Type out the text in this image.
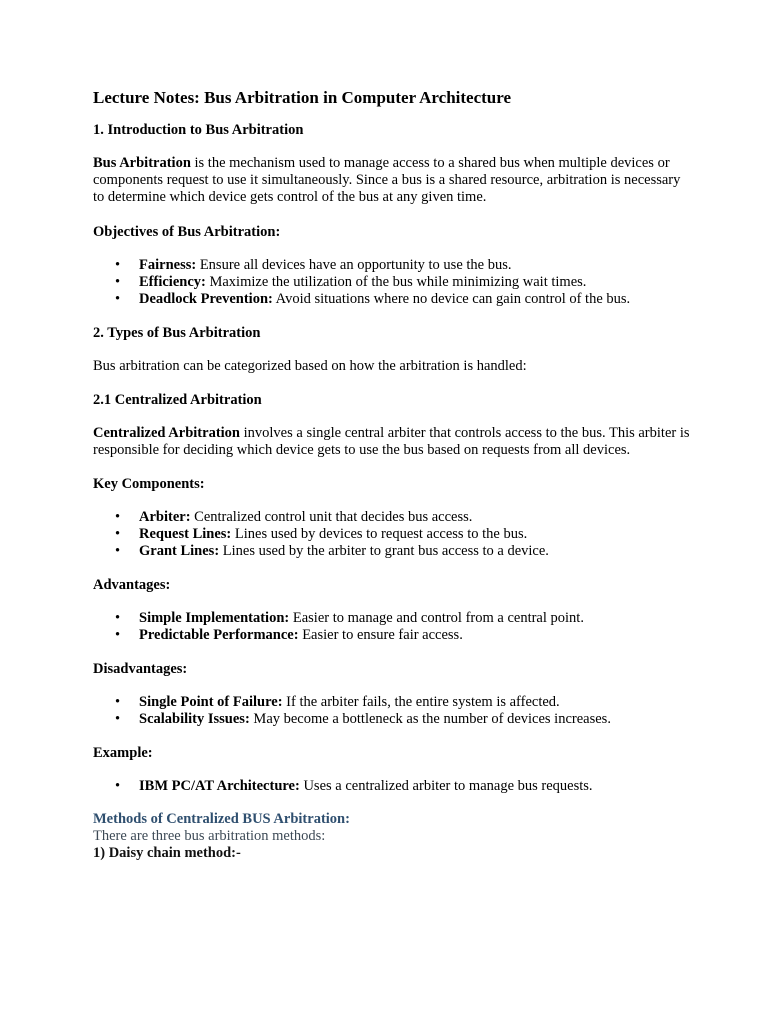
Lecture Notes: Bus Arbitration in Computer Architecture

1. Introduction to Bus Arbitration

Bus Arbitration is the mechanism used to manage access to a shared bus when multiple devices or components request to use it simultaneously. Since a bus is a shared resource, arbitration is necessary to determine which device gets control of the bus at any given time.

Objectives of Bus Arbitration:

• Fairness: Ensure all devices have an opportunity to use the bus.
• Efficiency: Maximize the utilization of the bus while minimizing wait times.
• Deadlock Prevention: Avoid situations where no device can gain control of the bus.

2. Types of Bus Arbitration

Bus arbitration can be categorized based on how the arbitration is handled:

2.1 Centralized Arbitration

Centralized Arbitration involves a single central arbiter that controls access to the bus. This arbiter is responsible for deciding which device gets to use the bus based on requests from all devices.

Key Components:

• Arbiter: Centralized control unit that decides bus access.
• Request Lines: Lines used by devices to request access to the bus.
• Grant Lines: Lines used by the arbiter to grant bus access to a device.

Advantages:

• Simple Implementation: Easier to manage and control from a central point.
• Predictable Performance: Easier to ensure fair access.

Disadvantages:

• Single Point of Failure: If the arbiter fails, the entire system is affected.
• Scalability Issues: May become a bottleneck as the number of devices increases.

Example:

• IBM PC/AT Architecture: Uses a centralized arbiter to manage bus requests.

Methods of Centralized BUS Arbitration:

There are three bus arbitration methods:

1) Daisy chain method:-
